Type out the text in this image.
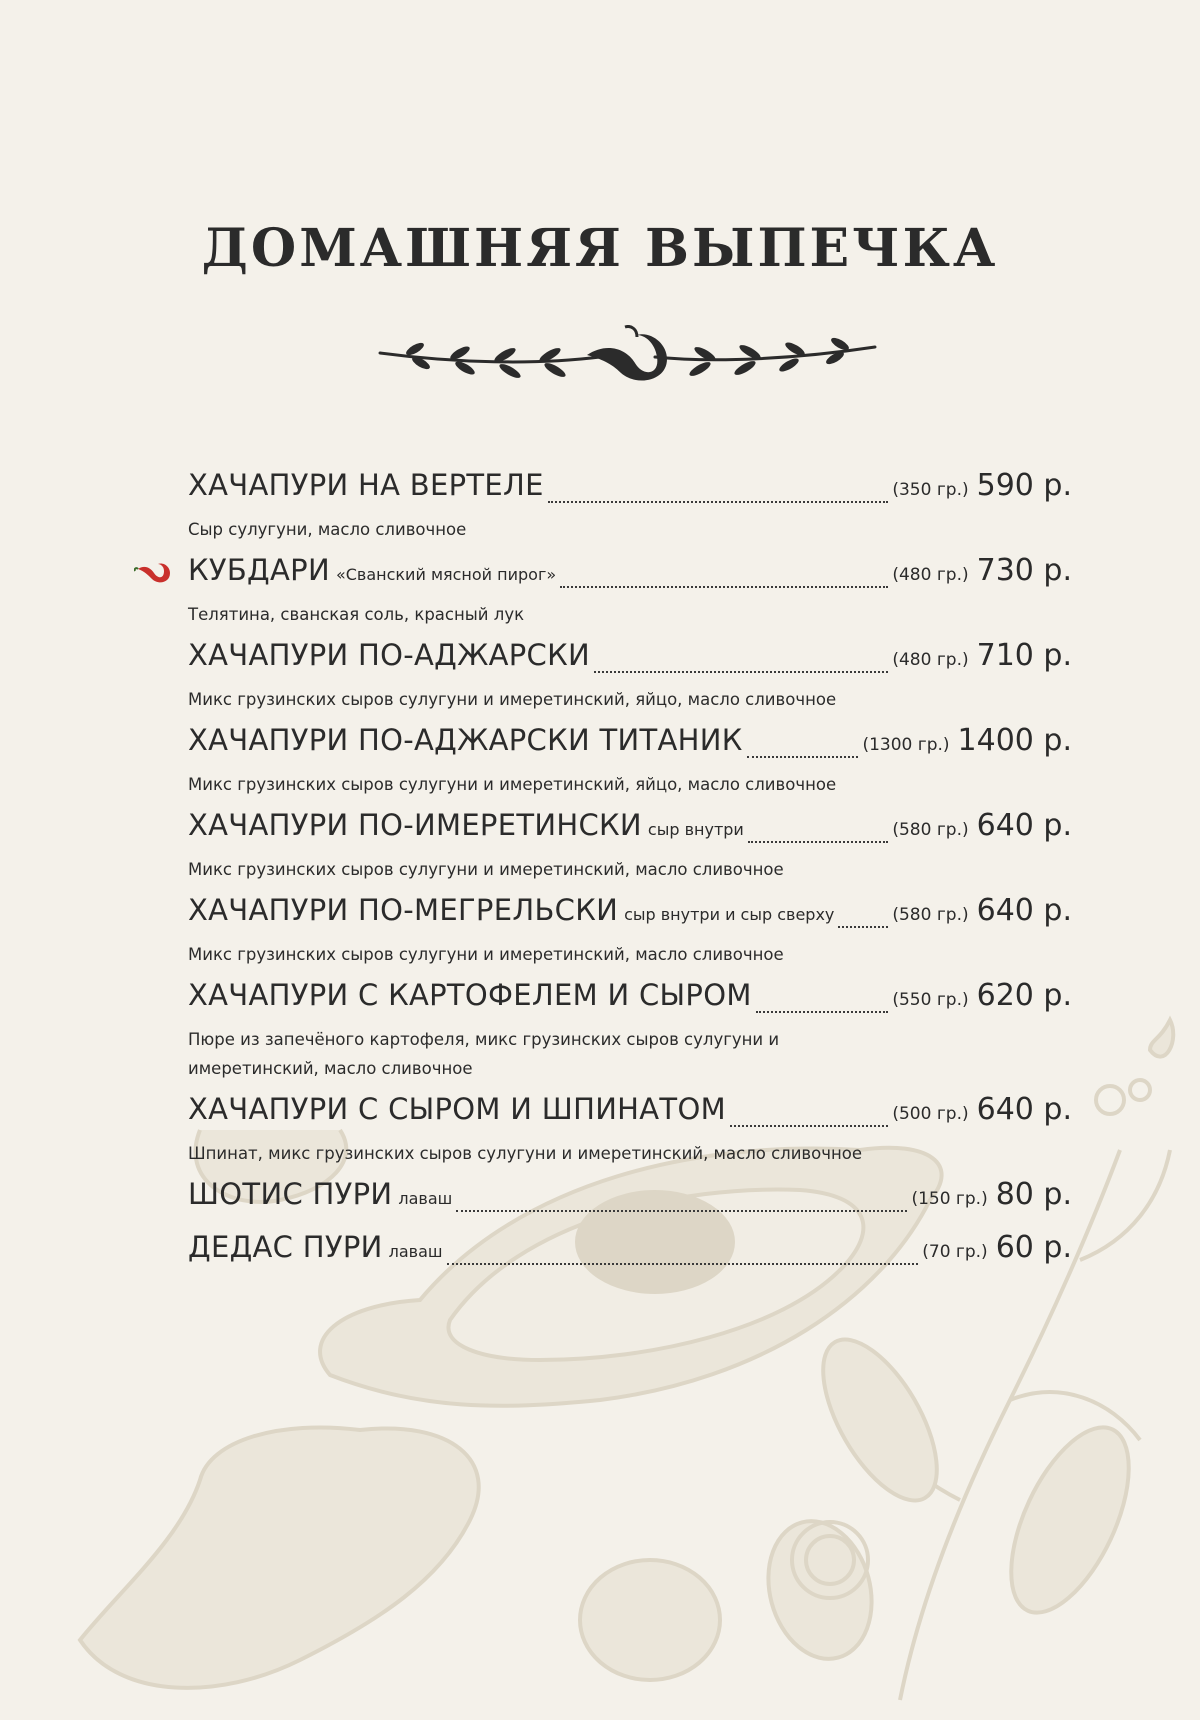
ДОМАШНЯЯ ВЫПЕЧКА
ХАЧАПУРИ НА ВЕРТЕЛЕ	(350 гр.) 590 р.
Сыр сулугуни, масло сливочное
КУБДАРИ «Сванский мясной пирог»	(480 гр.) 730 р.
Телятина, сванская соль, красный лук
ХАЧАПУРИ ПО-АДЖАРСКИ	(480 гр.) 710 р.
Микс грузинских сыров сулугуни и имеретинский, яйцо, масло сливочное
ХАЧАПУРИ ПО-АДЖАРСКИ ТИТАНИК	(1300 гр.) 1400 р.
Микс грузинских сыров сулугуни и имеретинский, яйцо, масло сливочное
ХАЧАПУРИ ПО-ИМЕРЕТИНСКИ сыр внутри	(580 гр.) 640 р.
Микс грузинских сыров сулугуни и имеретинский, масло сливочное
ХАЧАПУРИ ПО-МЕГРЕЛЬСКИ сыр внутри и сыр сверху	(580 гр.) 640 р.
Микс грузинских сыров сулугуни и имеретинский, масло сливочное
ХАЧАПУРИ С КАРТОФЕЛЕМ И СЫРОМ	(550 гр.) 620 р.
Пюре из запечёного картофеля, микс грузинских сыров сулугуни и имеретинский, масло сливочное
ХАЧАПУРИ С СЫРОМ И ШПИНАТОМ	(500 гр.) 640 р.
Шпинат, микс грузинских сыров сулугуни и имеретинский, масло сливочное
ШОТИС ПУРИ лаваш	(150 гр.) 80 р.
ДЕДАС ПУРИ лаваш	(70 гр.) 60 р.
